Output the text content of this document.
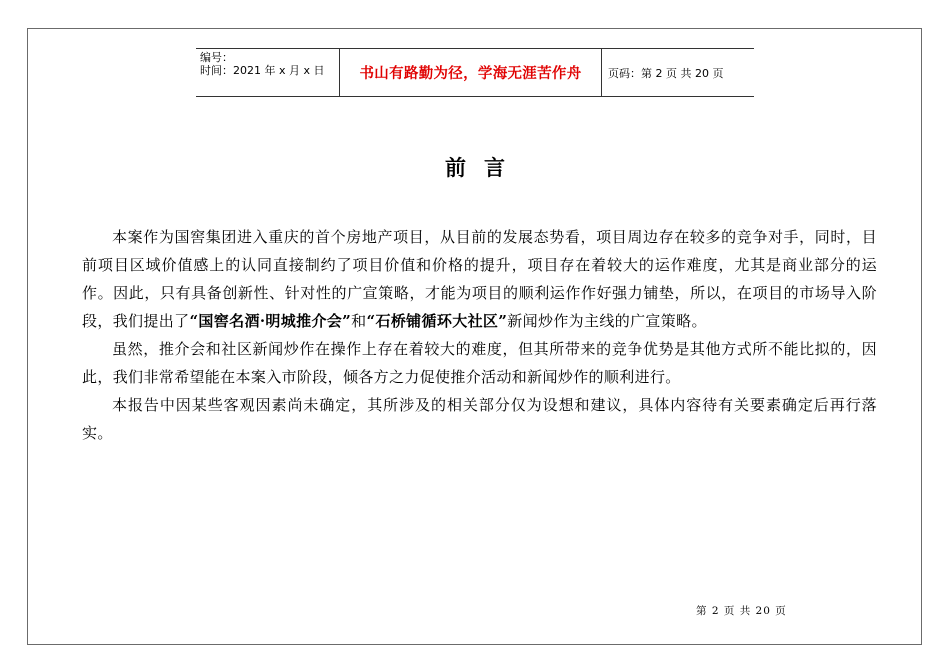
编号：
时间：2021 年 x 月 x 日	书山有路勤为径，学海无涯苦作舟	页码：第 2 页 共 20 页
前言

本案作为国窖集团进入重庆的首个房地产项目，从目前的发展态势看，项目周边存在较多的竞争对手，同时，目前项目区域价值感上的认同直接制约了项目价值和价格的提升，项目存在着较大的运作难度，尤其是商业部分的运作。因此，只有具备创新性、针对性的广宣策略，才能为项目的顺利运作作好强力铺垫，所以，在项目的市场导入阶段，我们提出了“国窖名酒·明城推介会”和“石桥铺循环大社区”新闻炒作为主线的广宣策略。

虽然，推介会和社区新闻炒作在操作上存在着较大的难度，但其所带来的竞争优势是其他方式所不能比拟的，因此，我们非常希望能在本案入市阶段，倾各方之力促使推介活动和新闻炒作的顺利进行。

本报告中因某些客观因素尚未确定，其所涉及的相关部分仅为设想和建议，具体内容待有关要素确定后再行落实。

第 2 页 共 20 页
